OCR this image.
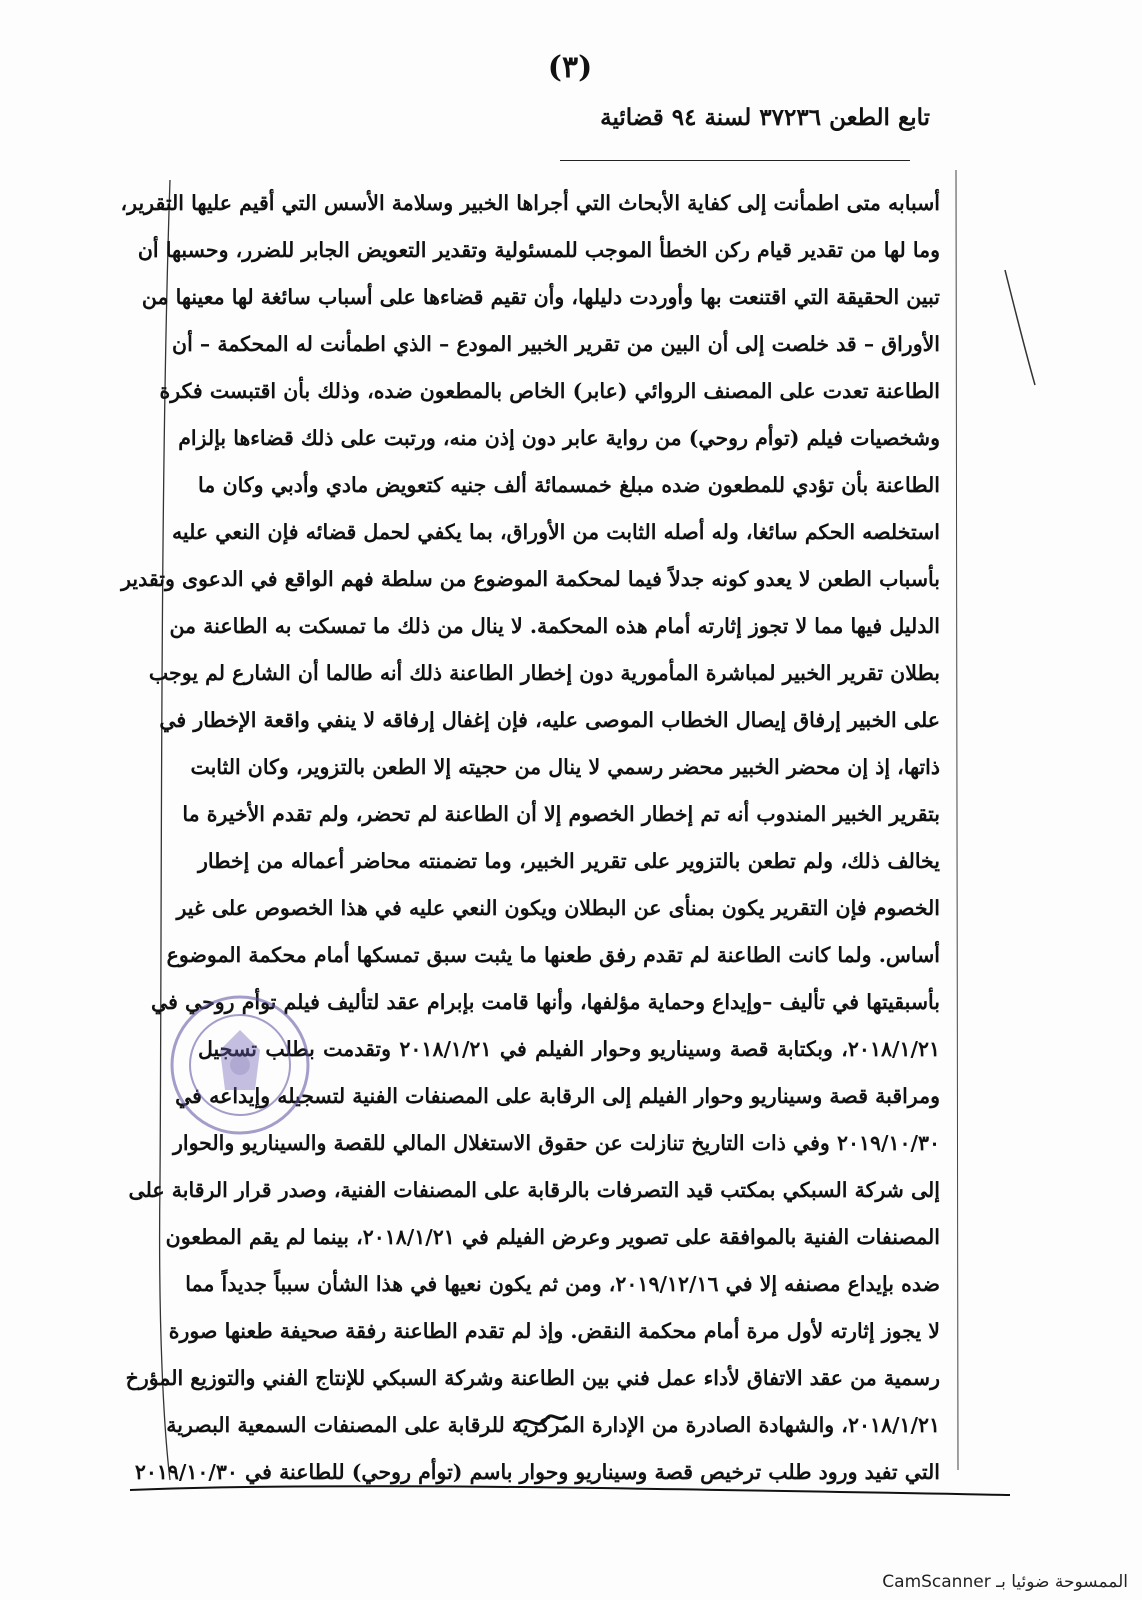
(٣)
تابع الطعن ٣٧٢٣٦ لسنة ٩٤ قضائية
أسبابه متى اطمأنت إلى كفاية الأبحاث التي أجراها الخبير وسلامة الأسس التي أقيم عليها التقرير،
وما لها من تقدير قيام ركن الخطأ الموجب للمسئولية وتقدير التعويض الجابر للضرر، وحسبها أن
تبين الحقيقة التي اقتنعت بها وأوردت دليلها، وأن تقيم قضاءها على أسباب سائغة لها معينها من
الأوراق – قد خلصت إلى أن البين من تقرير الخبير المودع – الذي اطمأنت له المحكمة – أن
الطاعنة تعدت على المصنف الروائي (عابر) الخاص بالمطعون ضده، وذلك بأن اقتبست فكرة
وشخصيات فيلم (توأم روحي) من رواية عابر دون إذن منه، ورتبت على ذلك قضاءها بإلزام
الطاعنة بأن تؤدي للمطعون ضده مبلغ خمسمائة ألف جنيه كتعويض مادي وأدبي وكان ما
استخلصه الحكم سائغا، وله أصله الثابت من الأوراق، بما يكفي لحمل قضائه فإن النعي عليه
بأسباب الطعن لا يعدو كونه جدلاً فيما لمحكمة الموضوع من سلطة فهم الواقع في الدعوى وتقدير
الدليل فيها مما لا تجوز إثارته أمام هذه المحكمة. لا ينال من ذلك ما تمسكت به الطاعنة من
بطلان تقرير الخبير لمباشرة المأمورية دون إخطار الطاعنة ذلك أنه طالما أن الشارع لم يوجب
على الخبير إرفاق إيصال الخطاب الموصى عليه، فإن إغفال إرفاقه لا ينفي واقعة الإخطار في
ذاتها، إذ إن محضر الخبير محضر رسمي لا ينال من حجيته إلا الطعن بالتزوير، وكان الثابت
بتقرير الخبير المندوب أنه تم إخطار الخصوم إلا أن الطاعنة لم تحضر، ولم تقدم الأخيرة ما
يخالف ذلك، ولم تطعن بالتزوير على تقرير الخبير، وما تضمنته محاضر أعماله من إخطار
الخصوم فإن التقرير يكون بمنأى عن البطلان ويكون النعي عليه في هذا الخصوص على غير
أساس. ولما كانت الطاعنة لم تقدم رفق طعنها ما يثبت سبق تمسكها أمام محكمة الموضوع
بأسبقيتها في تأليف –وإيداع وحماية مؤلفها، وأنها قامت بإبرام عقد لتأليف فيلم توأم روحي في
٢٠١٨/١/٢١، وبكتابة قصة وسيناريو وحوار الفيلم في ٢٠١٨/١/٢١ وتقدمت بطلب تسجيل
ومراقبة قصة وسيناريو وحوار الفيلم إلى الرقابة على المصنفات الفنية لتسجيله وإيداعه في
٢٠١٩/١٠/٣٠ وفي ذات التاريخ تنازلت عن حقوق الاستغلال المالي للقصة والسيناريو والحوار
إلى شركة السبكي بمكتب قيد التصرفات بالرقابة على المصنفات الفنية، وصدر قرار الرقابة على
المصنفات الفنية بالموافقة على تصوير وعرض الفيلم في ٢٠١٨/١/٢١، بينما لم يقم المطعون
ضده بإيداع مصنفه إلا في ٢٠١٩/١٢/١٦، ومن ثم يكون نعيها في هذا الشأن سبباً جديداً مما
لا يجوز إثارته لأول مرة أمام محكمة النقض. وإذ لم تقدم الطاعنة رفقة صحيفة طعنها صورة
رسمية من عقد الاتفاق لأداء عمل فني بين الطاعنة وشركة السبكي للإنتاج الفني والتوزيع المؤرخ
٢٠١٨/١/٢١، والشهادة الصادرة من الإدارة المركزية للرقابة على المصنفات السمعية البصرية
التي تفيد ورود طلب ترخيص قصة وسيناريو وحوار باسم (توأم روحي) للطاعنة في ٢٠١٩/١٠/٣٠
الممسوحة ضوئيا بـ CamScanner
